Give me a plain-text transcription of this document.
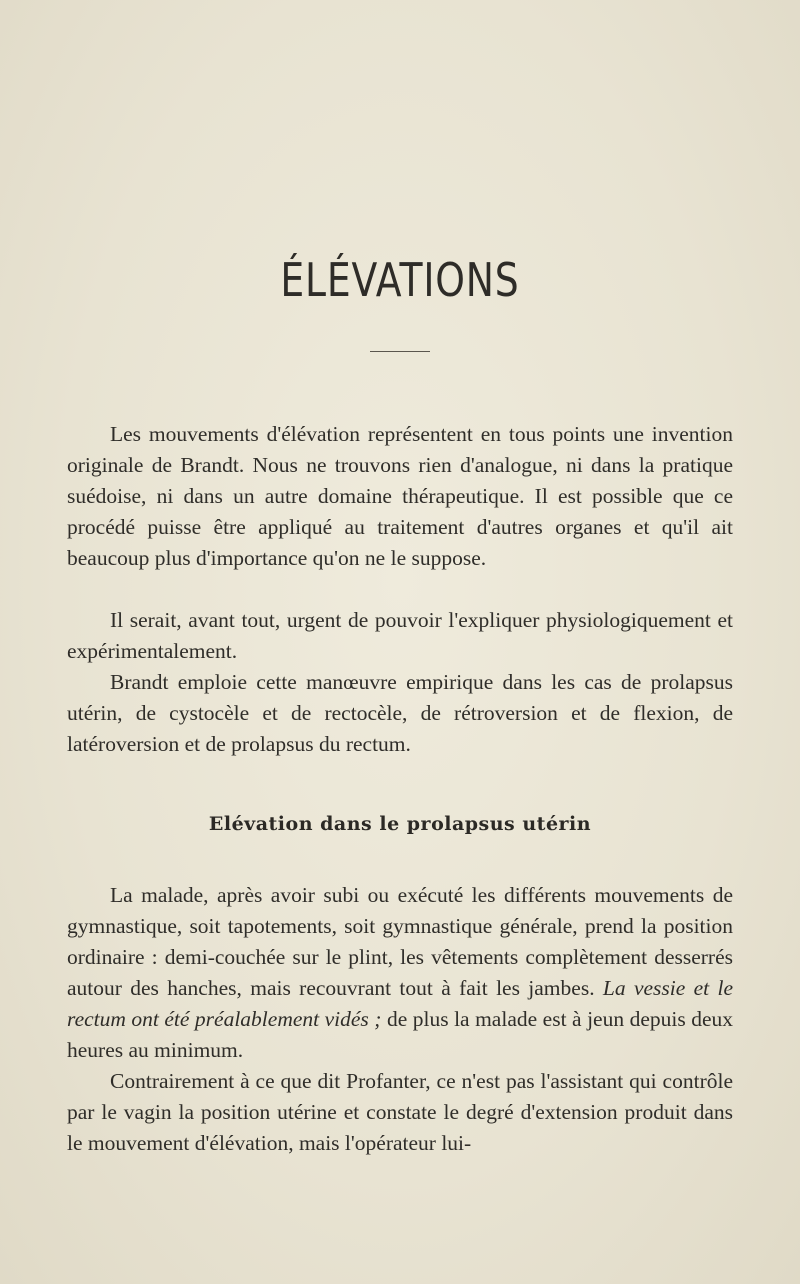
ÉLÉVATIONS

Les mouvements d'élévation représentent en tous points une invention originale de Brandt. Nous ne trouvons rien d'analogue, ni dans la pratique suédoise, ni dans un autre domaine thérapeutique. Il est possible que ce procédé puisse être appliqué au traitement d'autres organes et qu'il ait beaucoup plus d'importance qu'on ne le suppose.

Il serait, avant tout, urgent de pouvoir l'expliquer physiologiquement et expérimentalement.

Brandt emploie cette manœuvre empirique dans les cas de prolapsus utérin, de cystocèle et de rectocèle, de rétroversion et de flexion, de latéroversion et de prolapsus du rectum.

Elévation dans le prolapsus utérin

La malade, après avoir subi ou exécuté les différents mouvements de gymnastique, soit tapotements, soit gymnastique générale, prend la position ordinaire : demi-couchée sur le plint, les vêtements complètement desserrés autour des hanches, mais recouvrant tout à fait les jambes. La vessie et le rectum ont été préalablement vidés ; de plus la malade est à jeun depuis deux heures au minimum.

Contrairement à ce que dit Profanter, ce n'est pas l'assistant qui contrôle par le vagin la position utérine et constate le degré d'extension produit dans le mouvement d'élévation, mais l'opérateur lui-
